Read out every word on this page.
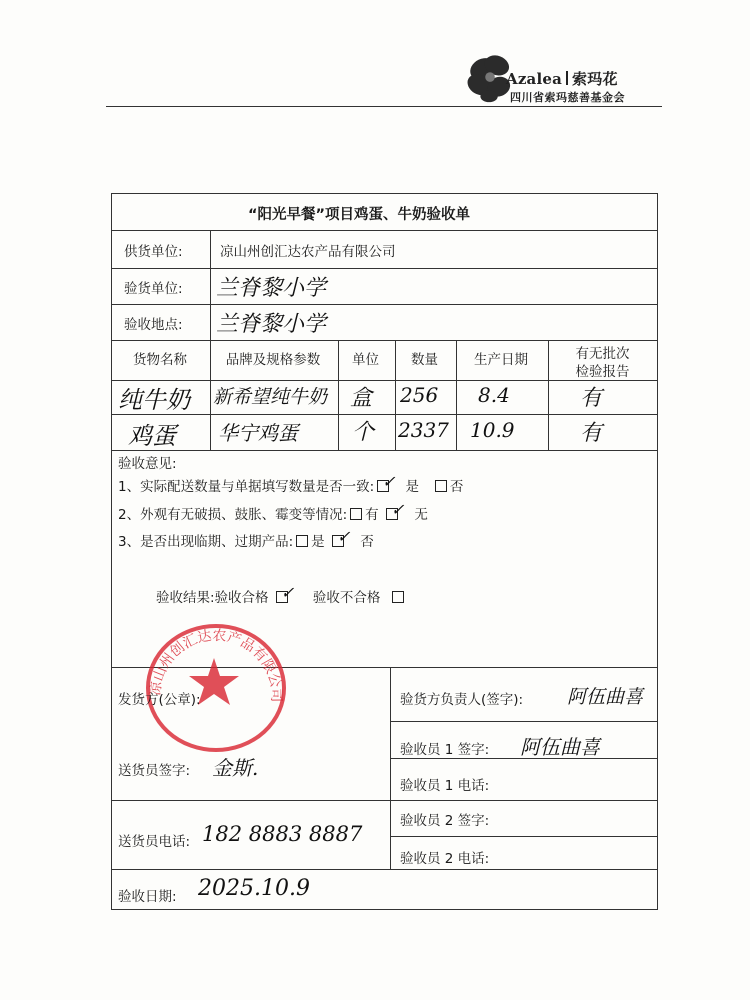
Azalea 索玛花
四川省索玛慈善基金会
“阳光早餐”项目鸡蛋、牛奶验收单
供货单位:	凉山州创汇达农产品有限公司
验货单位: 兰脊黎小学
验收地点: 兰脊黎小学
货物名称	品牌及规格参数	单位	数量	生产日期	有无批次
检验报告
纯牛奶 新希望纯牛奶 盒 256 8.4	有
鸡蛋 华宁鸡蛋 个 2337 10.9	有
验收意见:
1、实际配送数量与单据填写数量是否一致: ✓ 是 否
2、外观有无破损、鼓胀、霉变等情况: 有 ✓ 无
3、是否出现临期、过期产品: 是 ✓ 否
验收结果:验收合格 ✓ 验收不合格
凉山州创汇达农产品有限公司
发货方(公章):	验货方负责人(签字): 阿伍曲喜
验收员 1 签字: 阿伍曲喜
验收员 1 电话:
送货员签字: 金斯.
验收员 2 签字:
验收员 2 电话:
送货员电话: 182 8883 8887
验收日期: 2025.10.9
